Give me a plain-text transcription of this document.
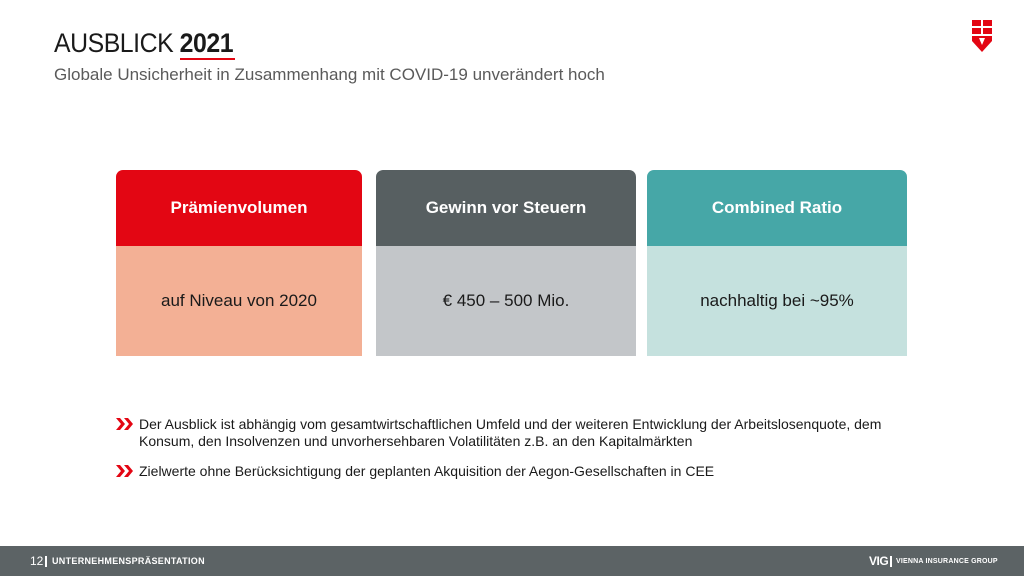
AUSBLICK 2021

Globale Unsicherheit in Zusammenhang mit COVID-19 unverändert hoch

Prämienvolumen
auf Niveau von 2020
Gewinn vor Steuern
€ 450 – 500 Mio.
Combined Ratio
nachhaltig bei ~95%
Der Ausblick ist abhängig vom gesamtwirtschaftlichen Umfeld und der weiteren Entwicklung der Arbeitslosenquote, dem Konsum, den Insolvenzen und unvorhersehbaren Volatilitäten z.B. an den Kapitalmärkten
Zielwerte ohne Berücksichtigung der geplanten Akquisition der Aegon-Gesellschaften in CEE
12 UNTERNEHMENSPRÄSENTATION	VIG VIENNA INSURANCE GROUP
